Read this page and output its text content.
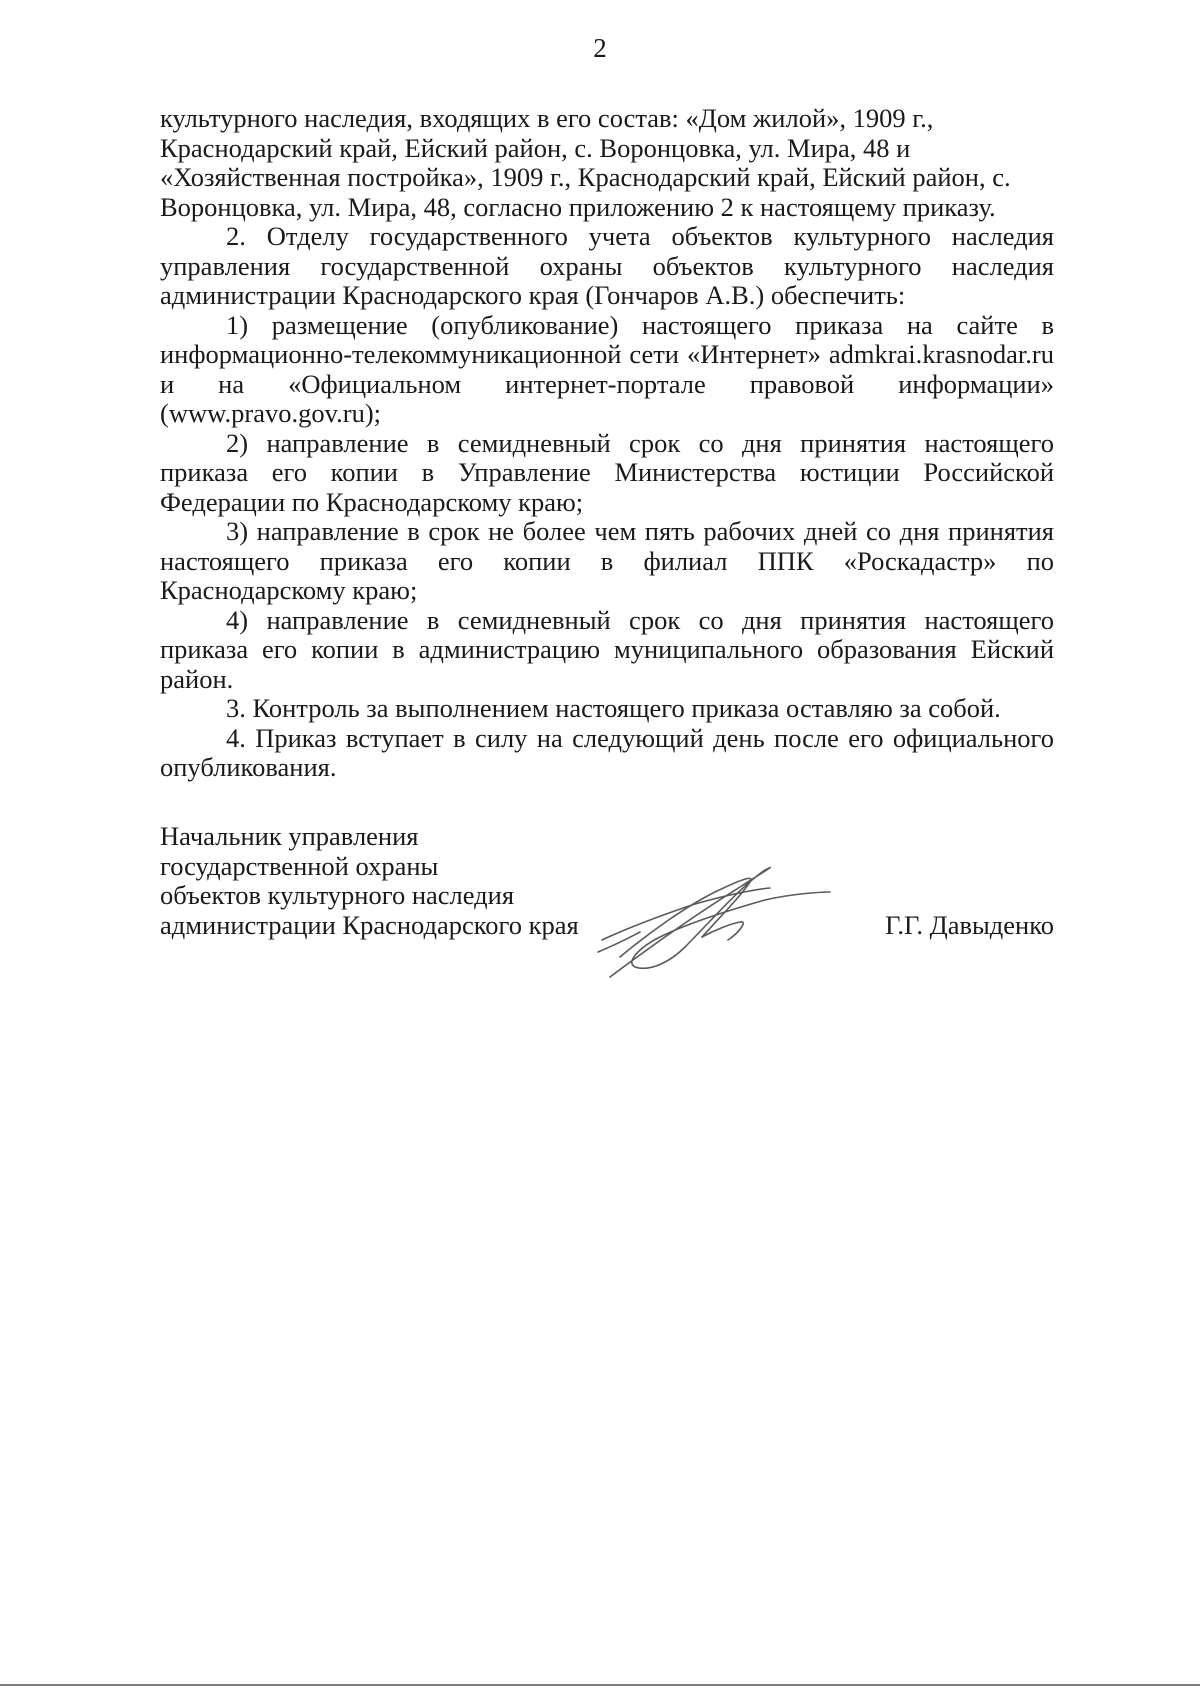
2

культурного наследия, входящих в его состав: «Дом жилой», 1909 г., Краснодарский край, Ейский район, с. Воронцовка, ул. Мира, 48 и «Хозяйственная постройка», 1909 г., Краснодарский край, Ейский район, с. Воронцовка, ул. Мира, 48, согласно приложению 2 к настоящему приказу.

2. Отделу государственного учета объектов культурного наследия управления государственной охраны объектов культурного наследия администрации Краснодарского края (Гончаров А.В.) обеспечить:

1) размещение (опубликование) настоящего приказа на сайте в информационно-телекоммуникационной сети «Интернет» admkrai.krasnodar.ru и на «Официальном интернет-портале правовой информации» (www.pravo.gov.ru);

2) направление в семидневный срок со дня принятия настоящего приказа его копии в Управление Министерства юстиции Российской Федерации по Краснодарскому краю;

3) направление в срок не более чем пять рабочих дней со дня принятия настоящего приказа его копии в филиал ППК «Роскадастр» по Краснодарскому краю;

4) направление в семидневный срок со дня принятия настоящего приказа его копии в администрацию муниципального образования Ейский район.

3. Контроль за выполнением настоящего приказа оставляю за собой.

4. Приказ вступает в силу на следующий день после его официального опубликования.

Начальник управления
государственной охраны
объектов культурного наследия
администрации Краснодарского края	Г.Г. Давыденко
